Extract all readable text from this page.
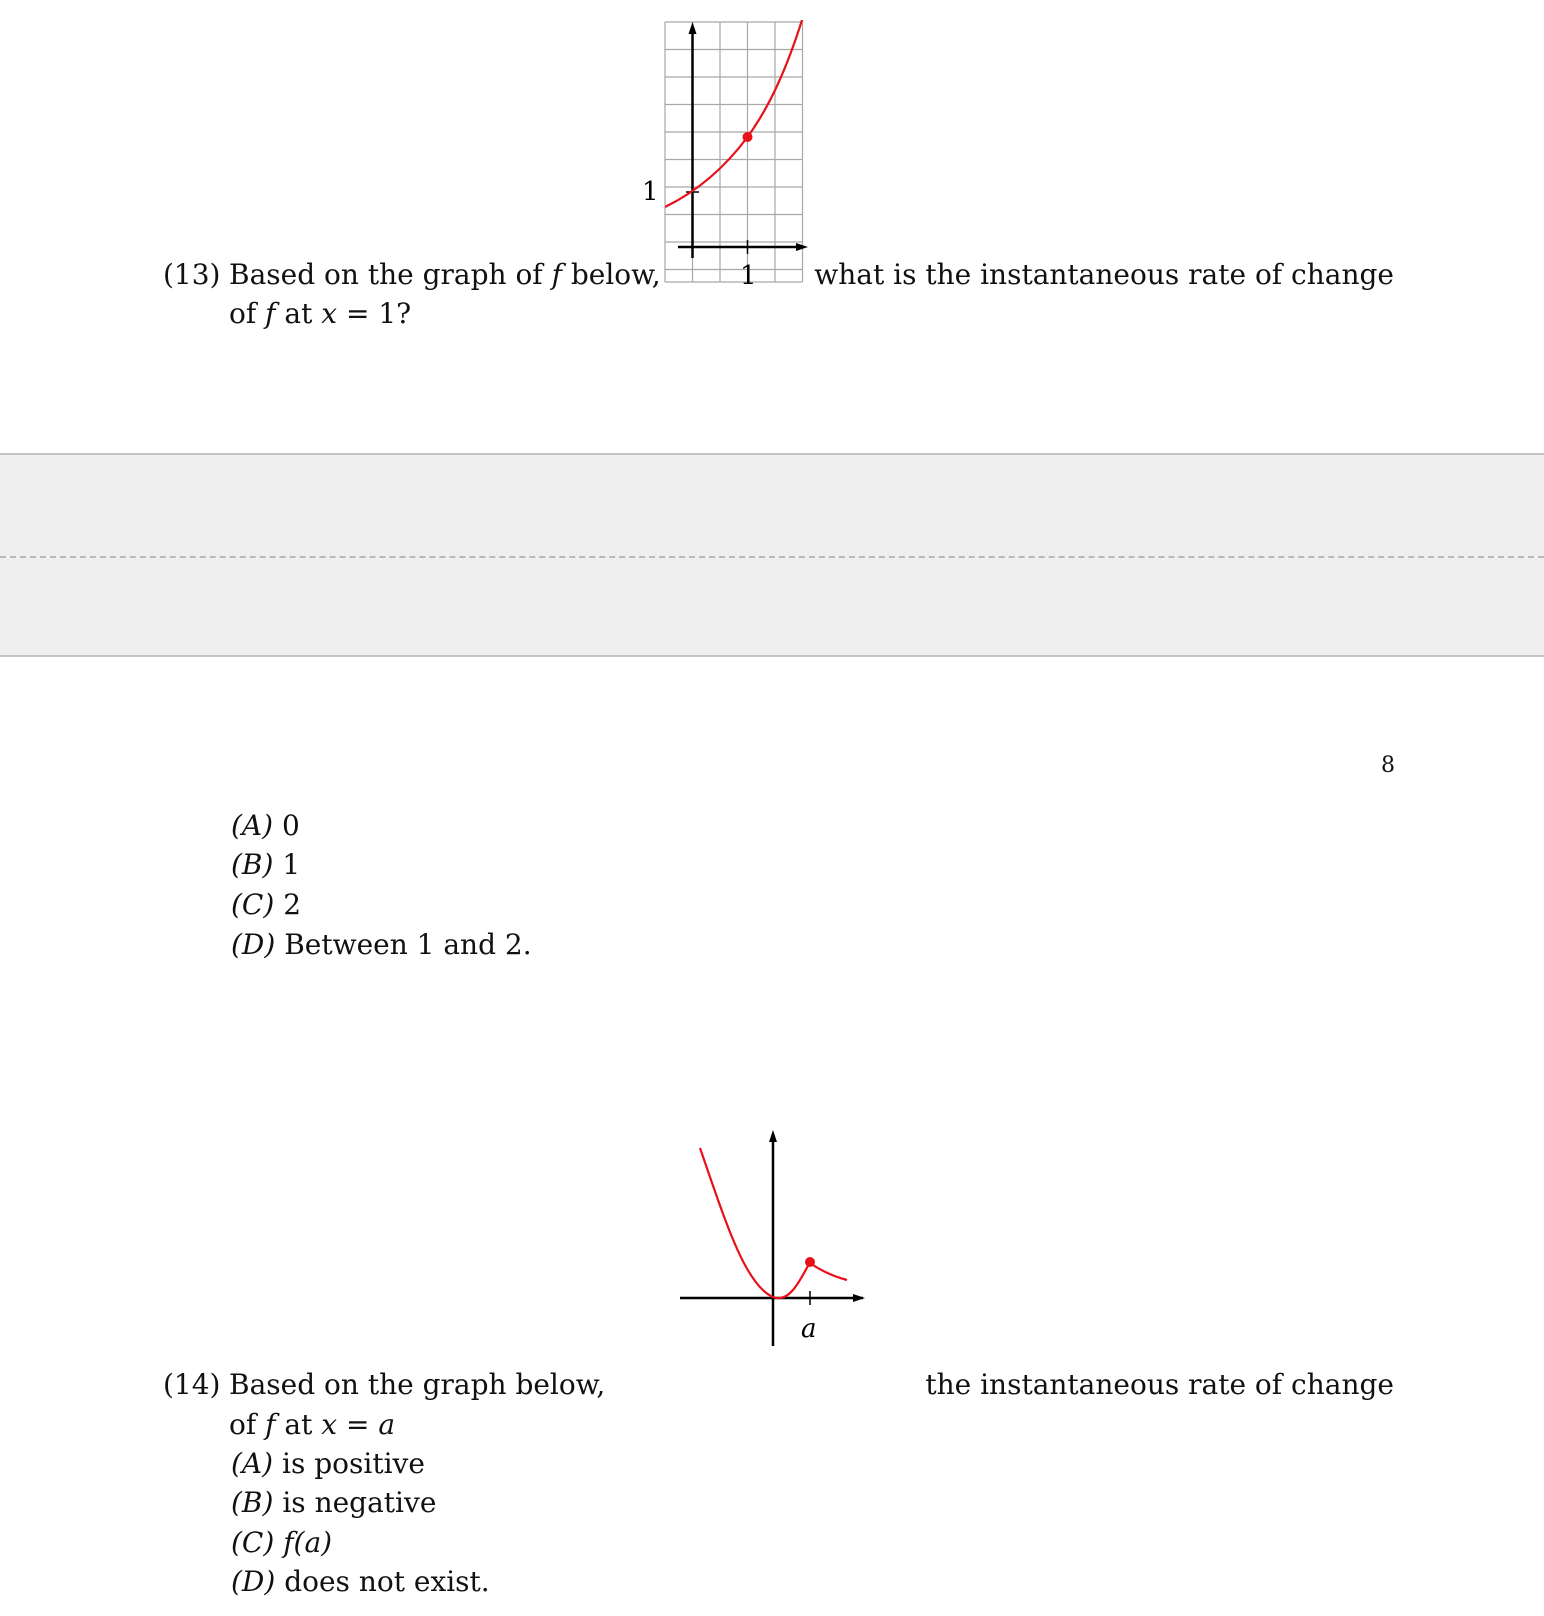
(13) Based on the graph of f below,	what is the instantaneous rate of change
of f at x = 1?
1
1
8
(A) 0
(B) 1
(C) 2
(D) Between 1 and 2.
a
(14) Based on the graph below,	the instantaneous rate of change
of f at x = a
(A) is positive
(B) is negative
(C) f(a)
(D) does not exist.
